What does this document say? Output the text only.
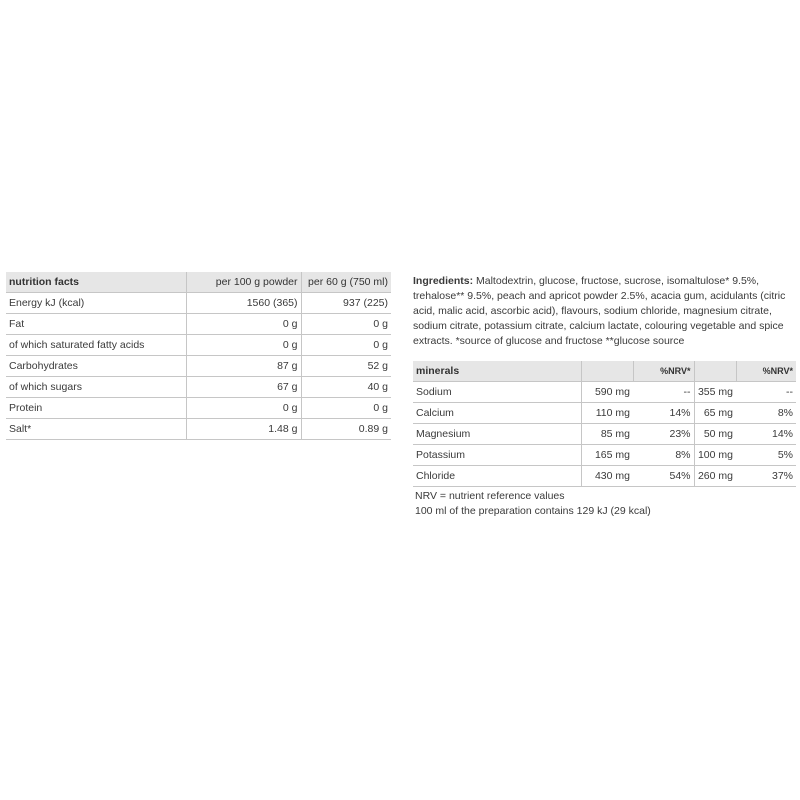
nutrition facts	per 100 g powder	per 60 g (750 ml)
Energy kJ (kcal)	1560 (365)	937 (225)
Fat	0 g	0 g
of which saturated fatty acids	0 g	0 g
Carbohydrates	87 g	52 g
of which sugars	67 g	40 g
Protein	0 g	0 g
Salt*	1.48 g	0.89 g

Ingredients: Maltodextrin, glucose, fructose, sucrose, isomaltulose* 9.5%, trehalose** 9.5%, peach and apricot powder 2.5%, acacia gum, acidulants (citric acid, malic acid, ascorbic acid), flavours, sodium chloride, magnesium citrate, sodium citrate, potassium citrate, calcium lactate, colouring vegetable and spice extracts. *source of glucose and fructose **glucose source

minerals		%NRV*		%NRV*
Sodium	590 mg	--	355 mg	--
Calcium	110 mg	14%	65 mg	8%
Magnesium	85 mg	23%	50 mg	14%
Potassium	165 mg	8%	100 mg	5%
Chloride	430 mg	54%	260 mg	37%
NRV = nutrient reference values
100 ml of the preparation contains 129 kJ (29 kcal)
